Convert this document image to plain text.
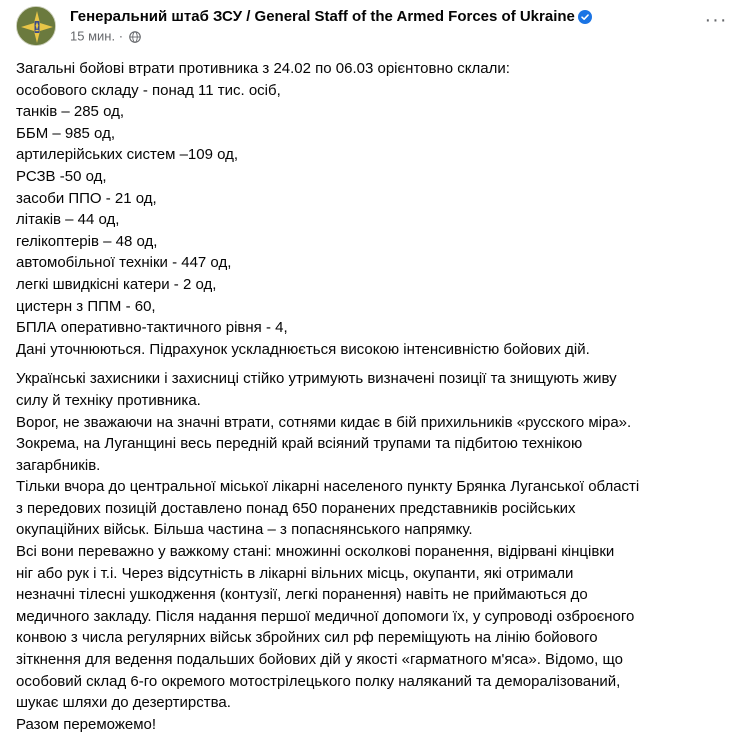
Генеральний штаб ЗСУ / General Staff of the Armed Forces of Ukraine
15 мин. ·
···
Загальні бойові втрати противника з 24.02 по 06.03 орієнтовно склали:
особового складу - понад 11 тис. осіб,
танків – 285 од,
ББМ – 985 од,
артилерійських систем –109 од,
РСЗВ -50 од,
засоби ППО - 21 од,
літаків – 44 од,
гелікоптерів – 48 од,
автомобільної техніки - 447 од,
легкі швидкісні катери - 2 од,
цистерн з ППМ - 60,
БПЛА оперативно-тактичного рівня - 4,
Дані уточнюються. Підрахунок ускладнюється високою інтенсивністю бойових дій.
Українські захисники і захисниці стійко утримують визначені позиції та знищують живу
силу й техніку противника.
Ворог, не зважаючи на значні втрати, сотнями кидає в бій прихильників «русского міра».
Зокрема, на Луганщині весь передній край всіяний трупами та підбитою технікою
загарбників.
Тільки вчора до центральної міської лікарні населеного пункту Брянка Луганської області
з передових позицій доставлено понад 650 поранених представників російських
окупаційних військ. Більша частина – з попаснянського напрямку.
Всі вони переважно у важкому стані: множинні осколкові поранення, відірвані кінцівки
ніг або рук і т.і. Через відсутність в лікарні вільних місць, окупанти, які отримали
незначні тілесні ушкодження (контузії, легкі поранення) навіть не приймаються до
медичного закладу. Після надання першої медичної допомоги їх, у супроводі озброєного
конвою з числа регулярних військ збройних сил рф переміщують на лінію бойового
зіткнення для ведення подальших бойових дій у якості «гарматного м'яса». Відомо, що
особовий склад 6-го окремого мотострілецького полку наляканий та деморалізований,
шукає шляхи до дезертирства.
Разом переможемо!
